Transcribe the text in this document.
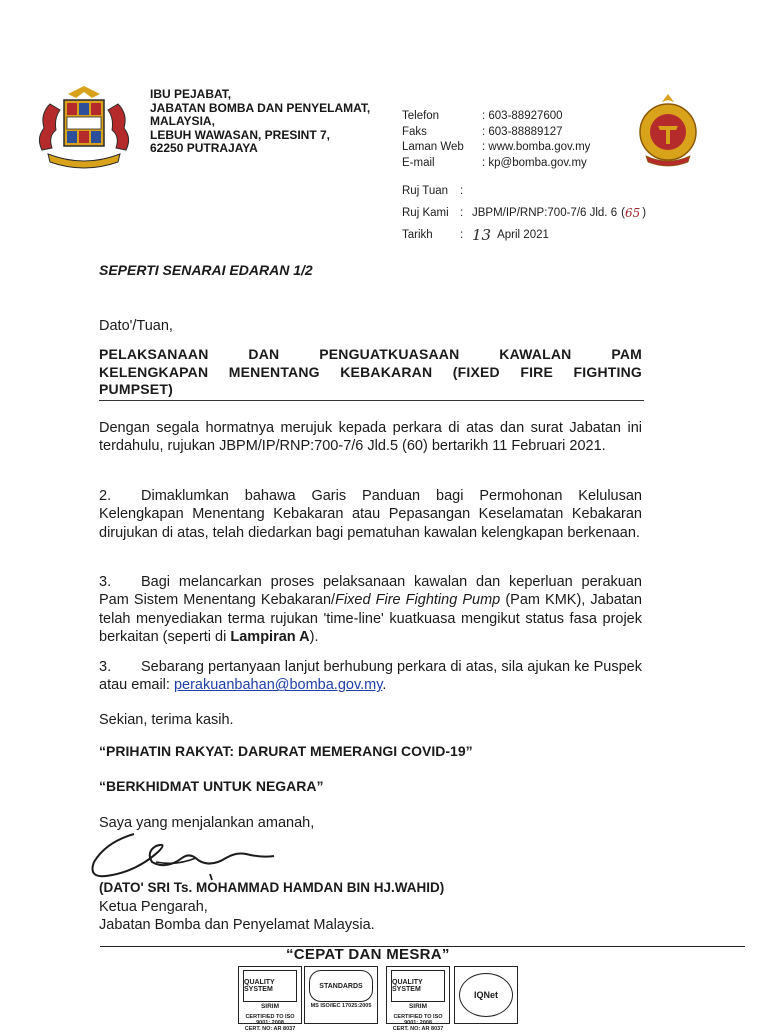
IBU PEJABAT,
JABATAN BOMBA DAN PENYELAMAT,
MALAYSIA,
LEBUH WAWASAN, PRESINT 7,
62250 PUTRAJAYA
Telefon	: 603-88927600
Faks	: 603-88889127
Laman Web	: www.bomba.gov.my
E-mail	: kp@bomba.gov.my
Ruj Tuan	:
Ruj Kami : JBPM/IP/RNP:700-7/6 Jld. 6 ( 65 )
Tarikh	: 13 April 2021
SEPERTI SENARAI EDARAN 1/2
Dato'/Tuan,
PELAKSANAAN DAN PENGUATKUASAAN KAWALAN PAM
KELENGKAPAN MENENTANG KEBAKARAN (FIXED FIRE FIGHTING
PUMPSET)
Dengan segala hormatnya merujuk kepada perkara di atas dan surat Jabatan ini terdahulu, rujukan JBPM/IP/RNP:700-7/6 Jld.5 (60) bertarikh 11 Februari 2021.
2. Dimaklumkan bahawa Garis Panduan bagi Permohonan Kelulusan Kelengkapan Menentang Kebakaran atau Pepasangan Keselamatan Kebakaran dirujukan di atas, telah diedarkan bagi pematuhan kawalan kelengkapan berkenaan.
3. Bagi melancarkan proses pelaksanaan kawalan dan keperluan perakuan Pam Sistem Menentang Kebakaran/Fixed Fire Fighting Pump (Pam KMK), Jabatan telah menyediakan terma rujukan 'time-line' kuatkuasa mengikut status fasa projek berkaitan (seperti di Lampiran A).
3. Sebarang pertanyaan lanjut berhubung perkara di atas, sila ajukan ke Puspek atau email: perakuanbahan@bomba.gov.my.
Sekian, terima kasih.
“PRIHATIN RAKYAT: DARURAT MEMERANGI COVID-19”
“BERKHIDMAT UNTUK NEGARA”
Saya yang menjalankan amanah,
(DATO' SRI Ts. MOHAMMAD HAMDAN BIN HJ.WAHID)
Ketua Pengarah,
Jabatan Bomba dan Penyelamat Malaysia.
“CEPAT DAN MESRA”
QUALITY SYSTEM
SIRIM
CERTIFIED TO ISO 9001: 2008
CERT. NO: AR 8037
STANDARDS
MS ISO/IEC 17025:2005
QUALITY SYSTEM
SIRIM
CERTIFIED TO ISO 9001: 2008
CERT. NO: AR 8037
IQNet
